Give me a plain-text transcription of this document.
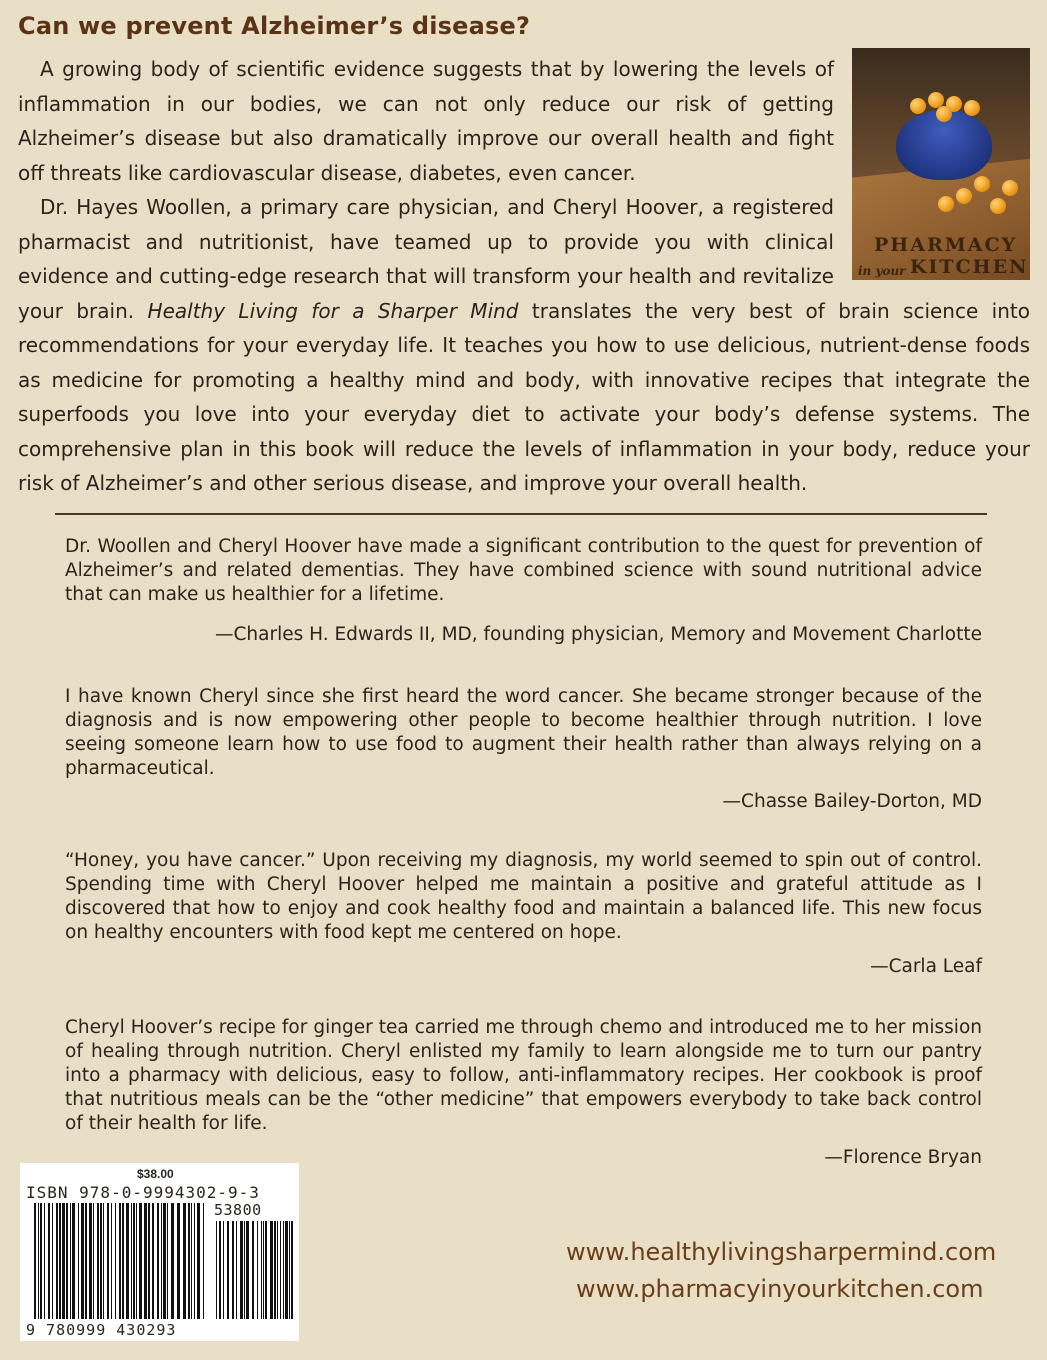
Can we prevent Alzheimer’s disease?
PHARMACY
in your KITCHEN

A growing body of scientific evidence suggests that by lowering the levels of inflammation in our bodies, we can not only reduce our risk of getting Alzheimer’s disease but also dramatically improve our overall health and fight off threats like cardiovascular disease, diabetes, even cancer.

Dr. Hayes Woollen, a primary care physician, and Cheryl Hoover, a registered pharmacist and nutritionist, have teamed up to provide you with clinical evidence and cutting-edge research that will transform your health and revitalize your brain. Healthy Living for a Sharper Mind translates the very best of brain science into recommendations for your everyday life. It teaches you how to use delicious, nutrient-dense foods as medicine for promoting a healthy mind and body, with innovative recipes that integrate the superfoods you love into your everyday diet to activate your body’s defense systems. The comprehensive plan in this book will reduce the levels of inflammation in your body, reduce your risk of Alzheimer’s and other serious disease, and improve your overall health.

Dr. Woollen and Cheryl Hoover have made a significant contribution to the quest for prevention of Alzheimer’s and related dementias. They have combined science with sound nutritional advice that can make us healthier for a lifetime.

—Charles H. Edwards II, MD, founding physician, Memory and Movement Charlotte

I have known Cheryl since she first heard the word cancer. She became stronger because of the diagnosis and is now empowering other people to become healthier through nutrition. I love seeing someone learn how to use food to augment their health rather than always relying on a pharmaceutical.

—Chasse Bailey-Dorton, MD

“Honey, you have cancer.” Upon receiving my diagnosis, my world seemed to spin out of control. Spending time with Cheryl Hoover helped me maintain a positive and grateful attitude as I discovered that how to enjoy and cook healthy food and maintain a balanced life. This new focus on healthy encounters with food kept me centered on hope.

—Carla Leaf

Cheryl Hoover’s recipe for ginger tea carried me through chemo and introduced me to her mission of healing through nutrition. Cheryl enlisted my family to learn alongside me to turn our pantry into a pharmacy with delicious, easy to follow, anti-inflammatory recipes. Her cookbook is proof that nutritious meals can be the “other medicine” that empowers everybody to take back control of their health for life.

—Florence Bryan

$38.00
ISBN 978-0-9994302-9-3
53800
9 780999 430293

www.healthylivingsharpermind.com

www.pharmacyinyourkitchen.com
